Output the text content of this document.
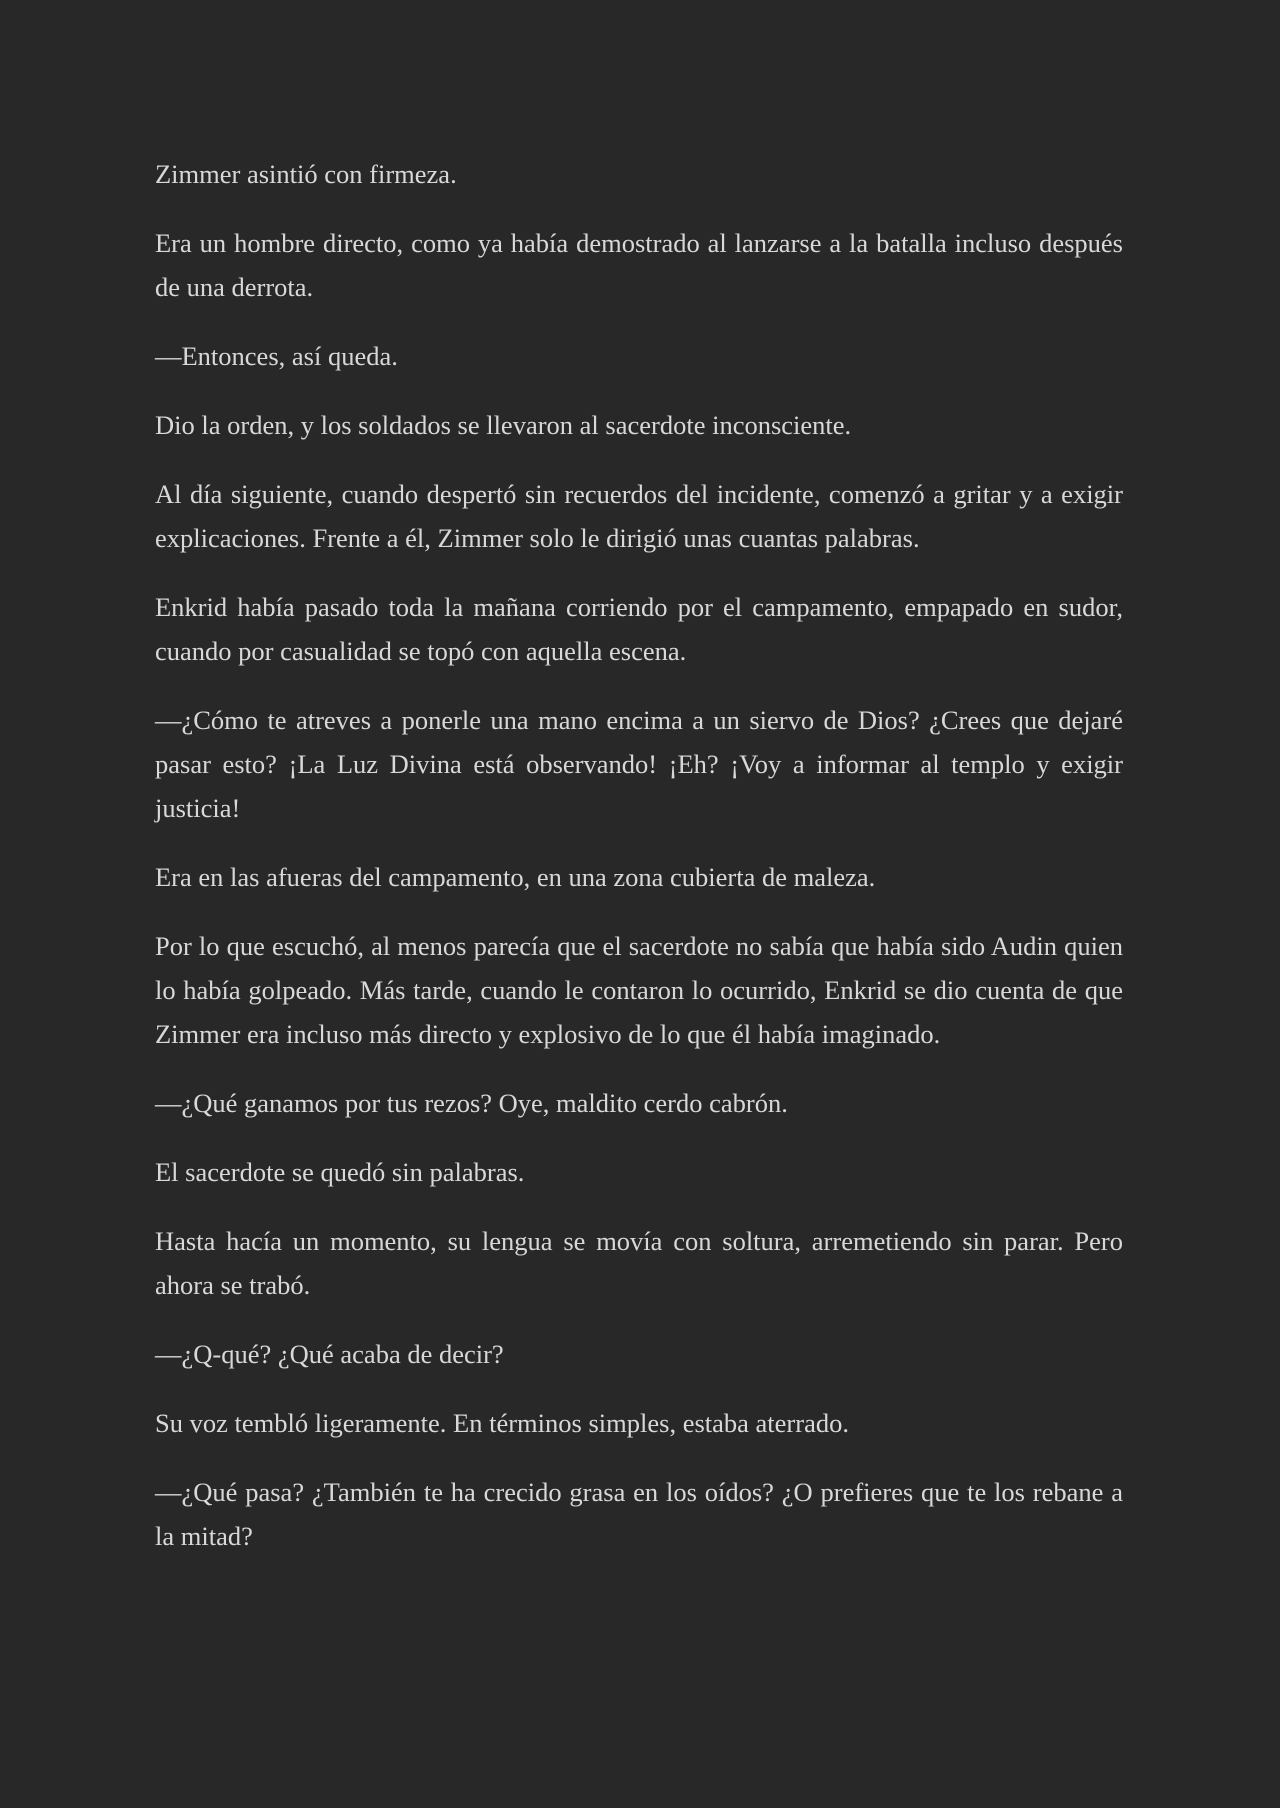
Zimmer asintió con firmeza.

Era un hombre directo, como ya había demostrado al lanzarse a la batalla incluso después de una derrota.

—Entonces, así queda.

Dio la orden, y los soldados se llevaron al sacerdote inconsciente.

Al día siguiente, cuando despertó sin recuerdos del incidente, comenzó a gritar y a exigir explicaciones. Frente a él, Zimmer solo le dirigió unas cuantas palabras.

Enkrid había pasado toda la mañana corriendo por el campamento, empapado en sudor, cuando por casualidad se topó con aquella escena.

—¿Cómo te atreves a ponerle una mano encima a un siervo de Dios? ¿Crees que dejaré pasar esto? ¡La Luz Divina está observando! ¡Eh? ¡Voy a informar al templo y exigir justicia!

Era en las afueras del campamento, en una zona cubierta de maleza.

Por lo que escuchó, al menos parecía que el sacerdote no sabía que había sido Audin quien lo había golpeado. Más tarde, cuando le contaron lo ocurrido, Enkrid se dio cuenta de que Zimmer era incluso más directo y explosivo de lo que él había imaginado.

—¿Qué ganamos por tus rezos? Oye, maldito cerdo cabrón.

El sacerdote se quedó sin palabras.

Hasta hacía un momento, su lengua se movía con soltura, arremetiendo sin parar. Pero ahora se trabó.

—¿Q-qué? ¿Qué acaba de decir?

Su voz tembló ligeramente. En términos simples, estaba aterrado.

—¿Qué pasa? ¿También te ha crecido grasa en los oídos? ¿O prefieres que te los rebane a la mitad?
